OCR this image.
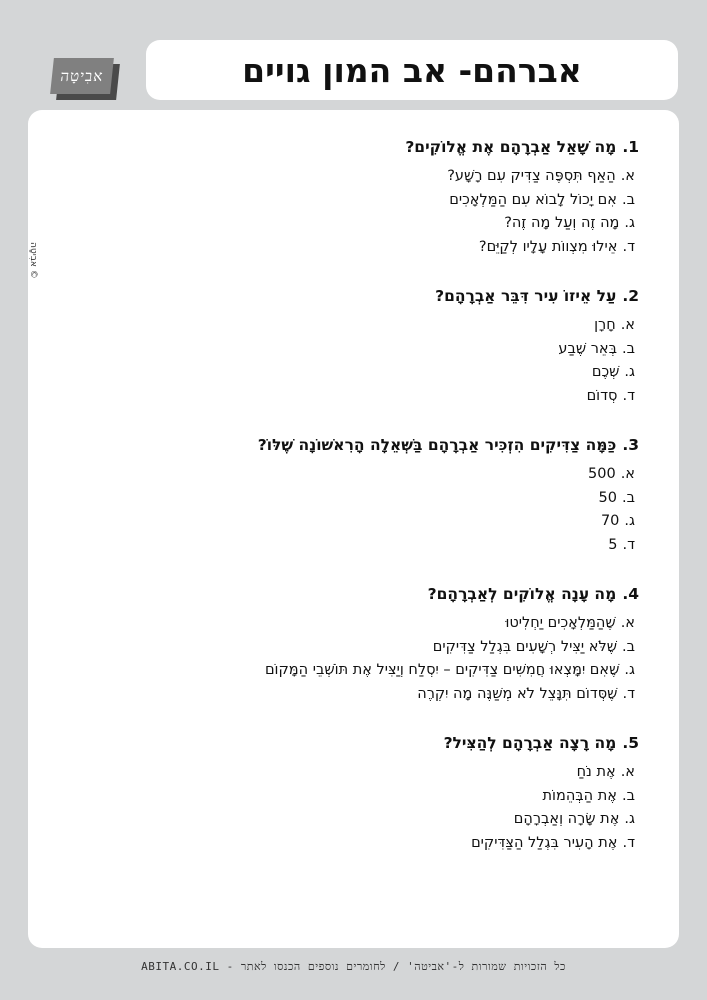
אברהם- אב המון גויים
אבִיטָה
© אבִיטָה
1.מָה שָׁאַל אַבְרָהָם אֶת אֱלוֹקִים?
א.הַאַף תִּסְפֶּה צַדִּיק עִם רָשָׁע?
ב.אִם יָכוֹל לָבוֹא עִם הַמַּלְאָכִים
ג.מָה זֶה וְעַל מָה זֶה?
ד.אֵילוּ מִצְווֹת עָלָיו לְקַיֵּם?
2.עַל אֵיזוֹ עִיר דִּבֵּר אַבְרָהָם?
א.חָרָן
ב.בְּאֵר שֶׁבַע
ג.שְׁכֶם
ד.סְדוֹם
3.כַּמָּה צַדִּיקִים הִזְכִּיר אַבְרָהָם בַּשְּׁאֵלָה הָרִאשׁוֹנָה שֶׁלּוֹ?
א.500
ב.50
ג.70
ד.5
4.מָה עָנָה אֱלוֹקִים לְאַבְרָהָם?
א.שֶׁהַמַּלְאָכִים יַחְלִיטוּ
ב.שֶׁלֹּא יַצִּיל רְשָׁעִים בִּגְלַל צַדִּיקִים
ג.שֶׁאִם יִמָּצְאוּ חֲמִשִּׁים צַדִּיקִים – יִסְלַח וְיַצִּיל אֶת תּוֹשְׁבֵי הַמָּקוֹם
ד.שֶׁסְּדוֹם תִּנָּצֵל לֹא מְשַׁנֶּה מָה יִקְרֶה
5.מָה רָצָה אַבְרָהָם לְהַצִּיל?
א.אֶת נֹחַ
ב.אֶת הַבְּהֵמוֹת
ג.אֶת שָׂרָה וְאַבְרָהָם
ד.אֶת הָעִיר בִּגְלַל הַצַּדִּיקִים
כל הזכויות שמורות ל-'אביטה' / לחומרים נוספים הכנסו לאתר - ABITA.CO.IL
